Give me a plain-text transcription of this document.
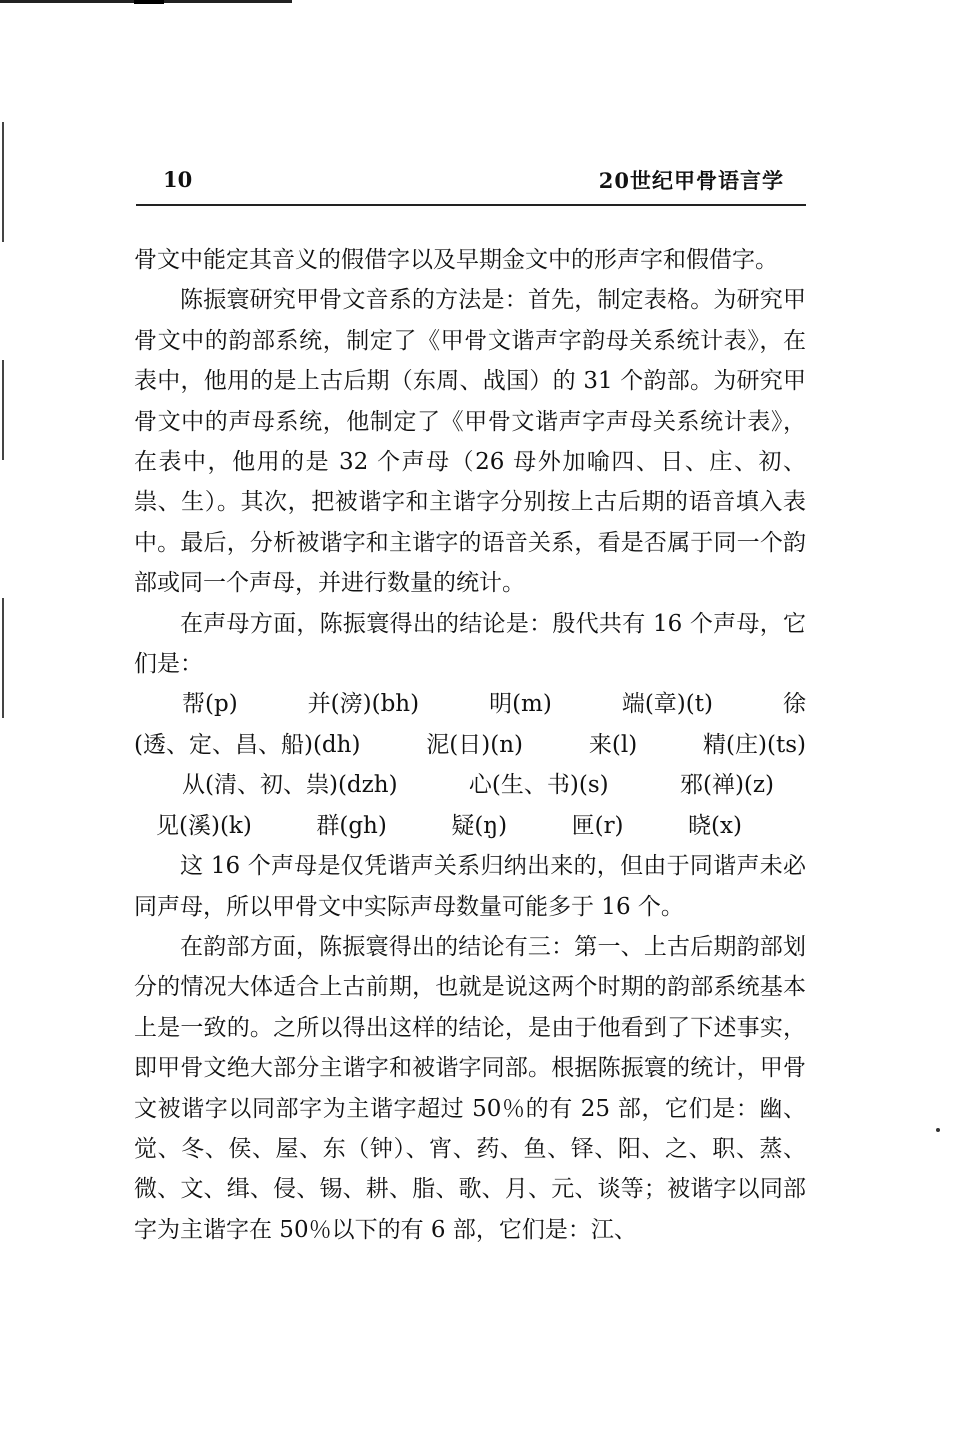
10	20世纪甲骨语言学

骨文中能定其音义的假借字以及早期金文中的形声字和假借字。

陈振寰研究甲骨文音系的方法是：首先，制定表格。为研究甲骨文中的韵部系统，制定了《甲骨文谐声字韵母关系统计表》，在表中，他用的是上古后期（东周、战国）的 31 个韵部。为研究甲骨文中的声母系统，他制定了《甲骨文谐声字声母关系统计表》，在表中，他用的是 32 个声母（26 母外加喻四、日、庄、初、祟、生）。其次，把被谐字和主谐字分别按上古后期的语音填入表中。最后，分析被谐字和主谐字的语音关系，看是否属于同一个韵部或同一个声母，并进行数量的统计。

在声母方面，陈振寰得出的结论是：殷代共有 16 个声母，它们是：

帮(p)	并(滂)(bh)	明(m)	端(章)(t)	徐
(透、定、昌、船)(dh)	泥(日)(n)	来(l)	精(庄)(ts)
从(清、初、祟)(dzh)	心(生、书)(s)	邪(禅)(z)
见(溪)(k)	群(gh)	疑(ŋ)	匣(r)	晓(x)

这 16 个声母是仅凭谐声关系归纳出来的，但由于同谐声未必同声母，所以甲骨文中实际声母数量可能多于 16 个。

在韵部方面，陈振寰得出的结论有三：第一、上古后期韵部划分的情况大体适合上古前期，也就是说这两个时期的韵部系统基本上是一致的。之所以得出这样的结论，是由于他看到了下述事实，即甲骨文绝大部分主谐字和被谐字同部。根据陈振寰的统计，甲骨文被谐字以同部字为主谐字超过 50％的有 25 部，它们是：幽、觉、冬、侯、屋、东（钟）、宵、药、鱼、铎、阳、之、职、蒸、微、文、缉、侵、锡、耕、脂、歌、月、元、谈等；被谐字以同部字为主谐字在 50％以下的有 6 部，它们是：江、
